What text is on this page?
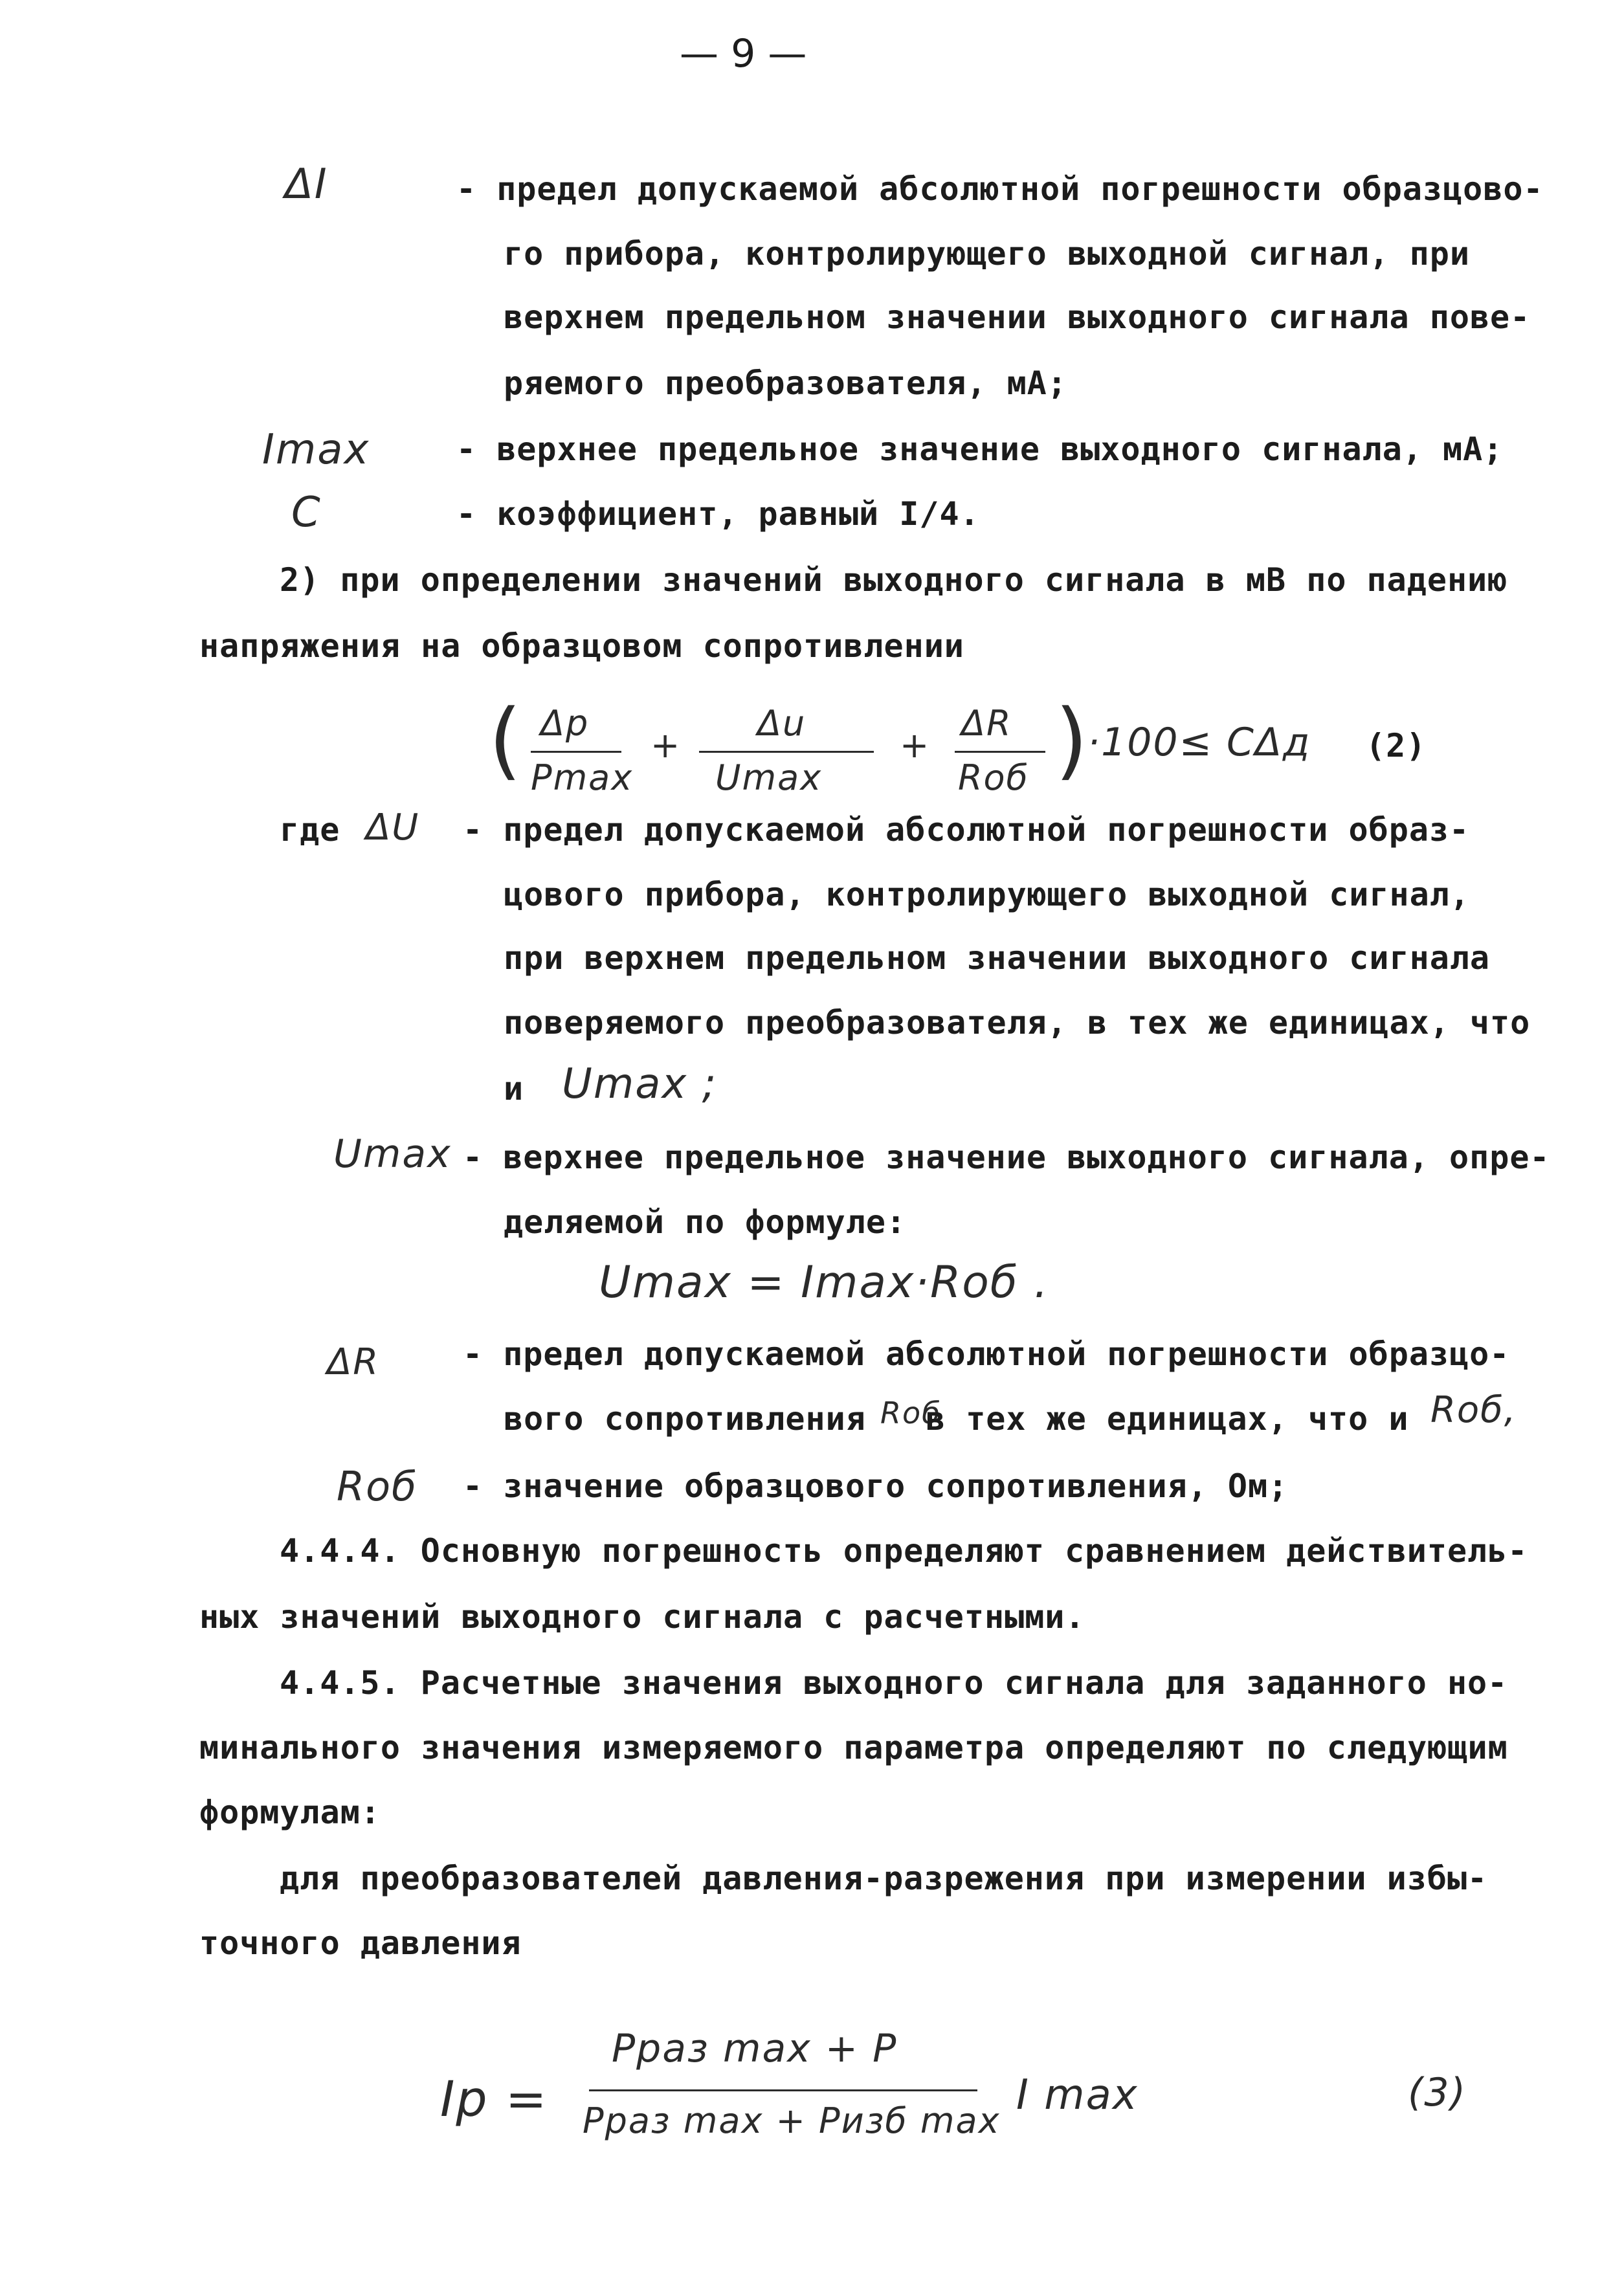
— 9 —
ΔI	- предел допускаемой абсолютной погрешности образцово-
го прибора, контролирующего выходной сигнал, при
верхнем предельном значении выходного сигнала пове-
ряемого преобразователя, мА;
Imax	- верхнее предельное значение выходного сигнала, мА;
C	- коэффициент, равный I/4.
2) при определении значений выходного сигнала в мВ по падению
напряжения на образцовом сопротивлении
( Δp
Pmax
+
Δu
Umax
+
ΔR
Rоб ) ·100≤ CΔд (2)
где ΔU - предел допускаемой абсолютной погрешности образ-
цового прибора, контролирующего выходной сигнал,
при верхнем предельном значении выходного сигнала
поверяемого преобразователя, в тех же единицах, что
и Umax ;
Umax - верхнее предельное значение выходного сигнала, опре-
деляемой по формуле:
Umax = Imax·Rоб .
ΔR	- предел допускаемой абсолютной погрешности образцо-
вого сопротивления Rоб
в тех же единицах, что и Rоб,
Rоб - значение образцового сопротивления, Ом;
4.4.4. Основную погрешность определяют сравнением действитель-
ных значений выходного сигнала с расчетными.
4.4.5. Расчетные значения выходного сигнала для заданного но-
минального значения измеряемого параметра определяют по следующим
формулам:
для преобразователей давления-разрежения при измерении избы-
точного давления
Ip =
Pраз max + P
Pраз max + Pизб max
I max	(3)
